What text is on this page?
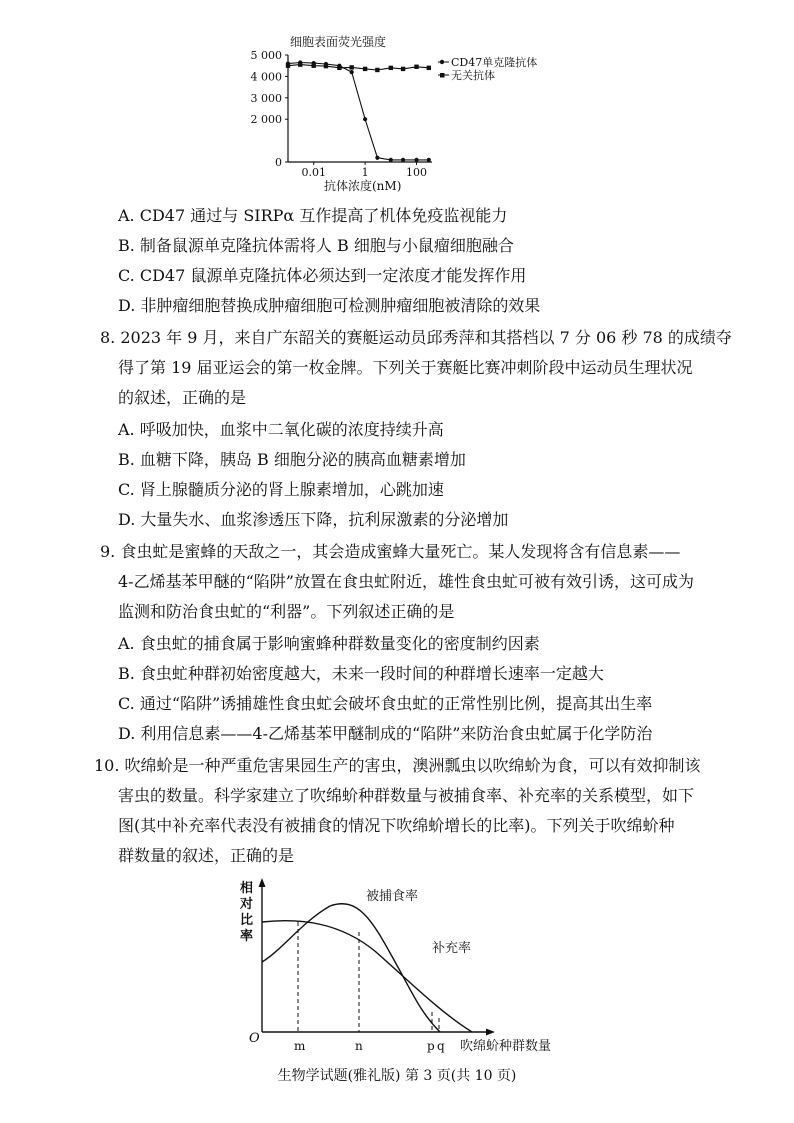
细胞表面荧光强度
0
2 000
3 000
4 000
5 000
0.01	1	100
抗体浓度(nM)
CD47单克隆抗体
无关抗体
A. CD47 通过与 SIRPα 互作提高了机体免疫监视能力
B. 制备鼠源单克隆抗体需将人 B 细胞与小鼠瘤细胞融合
C. CD47 鼠源单克隆抗体必须达到一定浓度才能发挥作用
D. 非肿瘤细胞替换成肿瘤细胞可检测肿瘤细胞被清除的效果
8. 2023 年 9 月，来自广东韶关的赛艇运动员邱秀萍和其搭档以 7 分 06 秒 78 的成绩夺
得了第 19 届亚运会的第一枚金牌。下列关于赛艇比赛冲刺阶段中运动员生理状况
的叙述，正确的是
A. 呼吸加快，血浆中二氧化碳的浓度持续升高
B. 血糖下降，胰岛 B 细胞分泌的胰高血糖素增加
C. 肾上腺髓质分泌的肾上腺素增加，心跳加速
D. 大量失水、血浆渗透压下降，抗利尿激素的分泌增加
9. 食虫虻是蜜蜂的天敌之一，其会造成蜜蜂大量死亡。某人发现将含有信息素——
4-乙烯基苯甲醚的“陷阱”放置在食虫虻附近，雄性食虫虻可被有效引诱，这可成为
监测和防治食虫虻的“利器”。下列叙述正确的是
A. 食虫虻的捕食属于影响蜜蜂种群数量变化的密度制约因素
B. 食虫虻种群初始密度越大，未来一段时间的种群增长速率一定越大
C. 通过“陷阱”诱捕雄性食虫虻会破坏食虫虻的正常性别比例，提高其出生率
D. 利用信息素——4-乙烯基苯甲醚制成的“陷阱”来防治食虫虻属于化学防治
10. 吹绵蚧是一种严重危害果园生产的害虫，澳洲瓢虫以吹绵蚧为食，可以有效抑制该
害虫的数量。科学家建立了吹绵蚧种群数量与被捕食率、补充率的关系模型，如下
图(其中补充率代表没有被捕食的情况下吹绵蚧增长的比率)。下列关于吹绵蚧种
群数量的叙述，正确的是
相
对
比
率
O	m	n	p q 吹绵蚧种群数量
被捕食率
补充率
生物学试题(雅礼版) 第 3 页(共 10 页)
